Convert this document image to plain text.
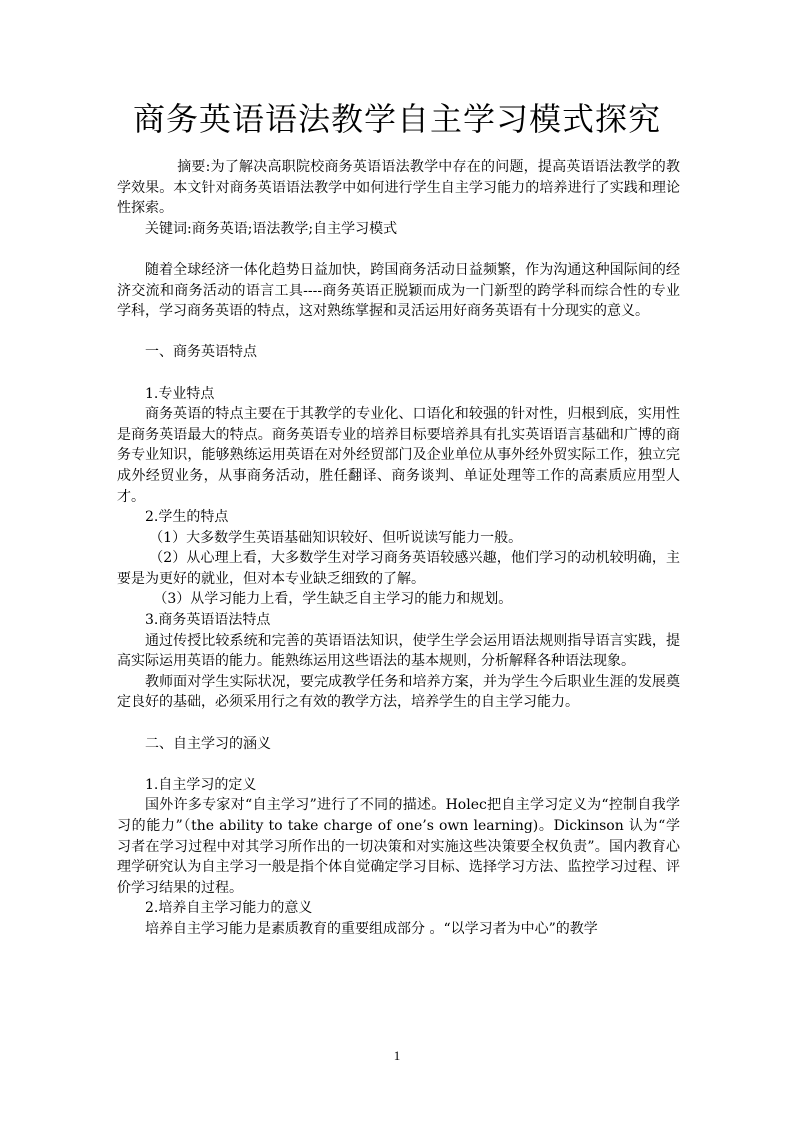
商务英语语法教学自主学习模式探究

摘要:为了解决高职院校商务英语语法教学中存在的问题，提高英语语法教学的教学效果。本文针对商务英语语法教学中如何进行学生自主学习能力的培养进行了实践和理论性探索。

关键词:商务英语;语法教学;自主学习模式

随着全球经济一体化趋势日益加快，跨国商务活动日益频繁，作为沟通这种国际间的经济交流和商务活动的语言工具----商务英语正脱颖而成为一门新型的跨学科而综合性的专业学科，学习商务英语的特点，这对熟练掌握和灵活运用好商务英语有十分现实的意义。

一、商务英语特点

1.专业特点

商务英语的特点主要在于其教学的专业化、口语化和较强的针对性，归根到底，实用性是商务英语最大的特点。商务英语专业的培养目标要培养具有扎实英语语言基础和广博的商务专业知识，能够熟练运用英语在对外经贸部门及企业单位从事外经外贸实际工作，独立完成外经贸业务，从事商务活动，胜任翻译、商务谈判、单证处理等工作的高素质应用型人才。

2.学生的特点

（1）大多数学生英语基础知识较好、但听说读写能力一般。

（2）从心理上看，大多数学生对学习商务英语较感兴趣，他们学习的动机较明确，主要是为更好的就业，但对本专业缺乏细致的了解。

（3）从学习能力上看，学生缺乏自主学习的能力和规划。

3.商务英语语法特点

通过传授比较系统和完善的英语语法知识，使学生学会运用语法规则指导语言实践，提高实际运用英语的能力。能熟练运用这些语法的基本规则，分析解释各种语法现象。

教师面对学生实际状况，要完成教学任务和培养方案，并为学生今后职业生涯的发展奠定良好的基础，必须采用行之有效的教学方法，培养学生的自主学习能力。

二、自主学习的涵义

1.自主学习的定义

国外许多专家对“自主学习”进行了不同的描述。Holec把自主学习定义为“控制自我学习的能力”（the ability to take charge of one’s own learning)。Dickinson 认为“学习者在学习过程中对其学习所作出的一切决策和对实施这些决策要全权负责”。国内教育心理学研究认为自主学习一般是指个体自觉确定学习目标、选择学习方法、监控学习过程、评价学习结果的过程。

2.培养自主学习能力的意义

培养自主学习能力是素质教育的重要组成部分 。“以学习者为中心”的教学

1
